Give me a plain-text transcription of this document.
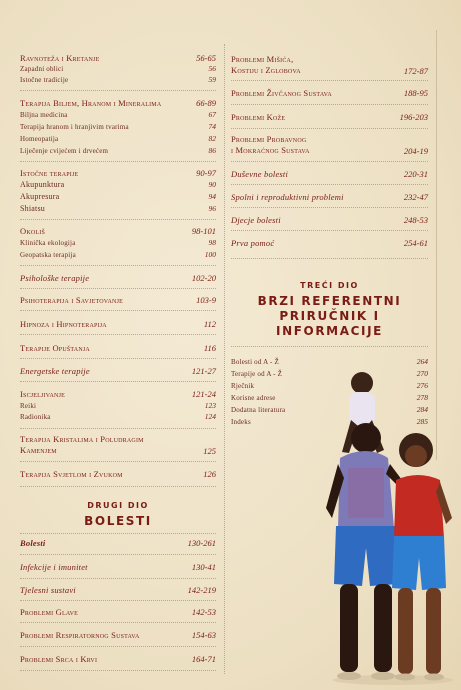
Ravnoteža i Kretanje	56-65
Zapadni oblici	56
Istočne tradicije	59
Terapija Biljem, Hranom i Mineralima	66-89
Biljna medicina	67
Terapija hranom i hranjivim tvarima	74
Homeopatija	82
Liječenje cvijećem i drvećem	86
Istočne terapije	90-97
Akupunktura	90
Akupresura	94
Shiatsu	96
Okoliš	98-101
Klinička ekologija	98
Geopatska terapija	100
Psihološke terapije	102-20
Psihoterapija i Savjetovanje	103-9
Hipnoza i Hipnoterapija	112
Terapije Opuštanja	116
Energetske terapije	121-27
Iscjeljivanje	121-24
Reiki	123
Radionika	124
Terapija Kristalima i Poludragim
Kamenjem	125
Terapija Svjetlom i Zvukom	126
DRUGI DIO
BOLESTI
Bolesti	130-261
Infekcije i imunitet	130-41
Tjelesni sustavi	142-219
Problemi Glave	142-53
Problemi Respiratornog Sustava	154-63
Problemi Srca i Krvi	164-71
Problemi Mišića,
Kostiju i Zglobova	172-87
Problemi Živčanog Sustava	188-95
Problemi Kože	196-203
Problemi Probavnog
i Mokraćnog Sustava	204-19
Duševne bolesti	220-31
Spolni i reproduktivni problemi	232-47
Djecje bolesti	248-53
Prva pomoć	254-61
TREĆI DIO
BRZI REFERENTNI
PRIRUČNIK I
INFORMACIJE
Bolesti od A - Ž	264
Terapije od A - Ž	270
Rječnik	276
Korisne adrese	278
Dodatna literatura	284
Indeks	285
